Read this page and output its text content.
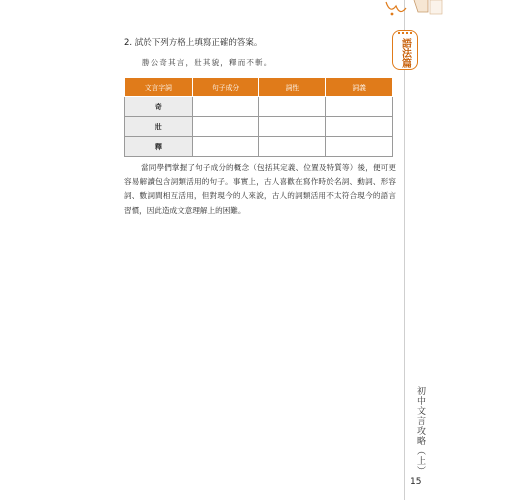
語法篇
2. 試於下列方格上填寫正確的答案。
勝公奇其言，壯其貌，釋而不斬。
文言字詞	句子成分	詞性	詞義
奇			
壯			
釋			
當同學們掌握了句子成分的概念（包括其定義、位置及特質等）後，便可更容易解讀包含詞類活用的句子。事實上，古人喜歡在寫作時於名詞、動詞、形容詞、數詞間相互活用，但對現今的人來說，古人的詞類活用不太符合現今的語言習慣，因此造成文意理解上的困難。
初中文言攻略（上）
15
